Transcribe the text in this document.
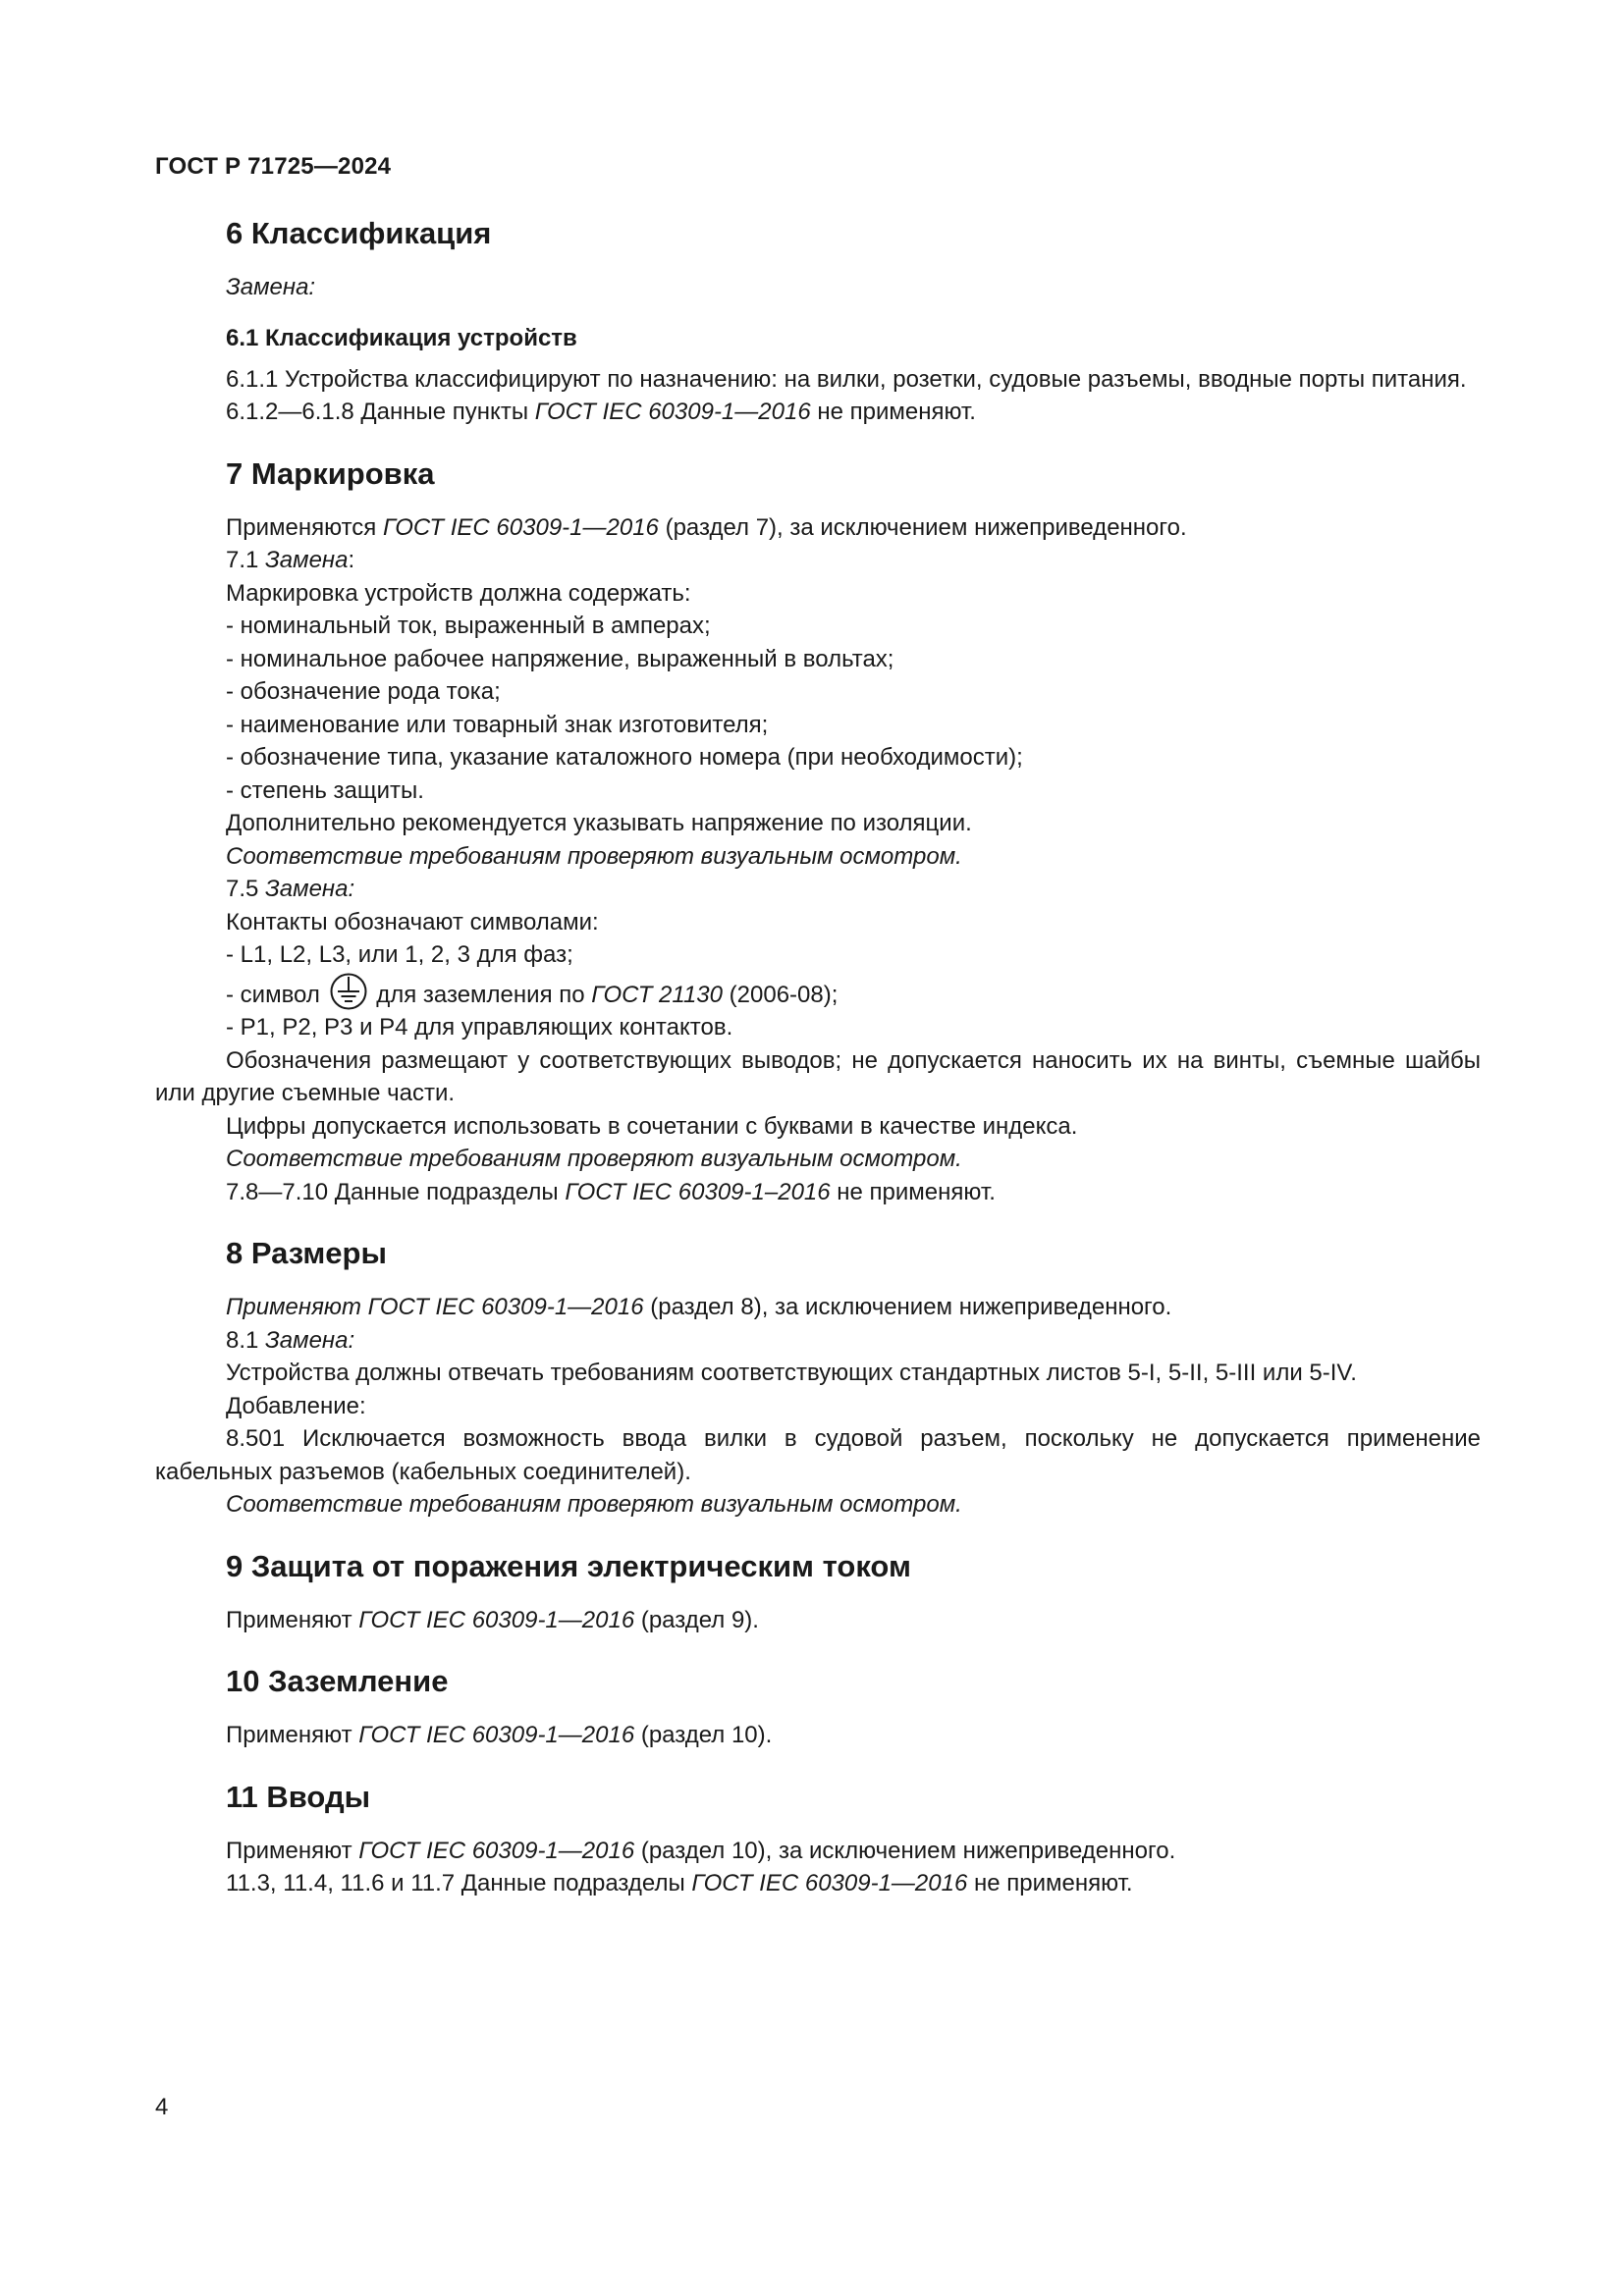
ГОСТ Р 71725—2024
6 Классификация

Замена:

6.1 Классификация устройств

6.1.1 Устройства классифицируют по назначению: на вилки, розетки, судовые разъемы, вводные порты питания.

6.1.2—6.1.8 Данные пункты ГОСТ IEC 60309-1—2016 не применяют.

7 Маркировка

Применяются ГОСТ IEC 60309-1—2016 (раздел 7), за исключением нижеприведенного.

7.1 Замена:

Маркировка устройств должна содержать:

- номинальный ток, выраженный в амперах;

- номинальное рабочее напряжение, выраженный в вольтах;

- обозначение рода тока;

- наименование или товарный знак изготовителя;

- обозначение типа, указание каталожного номера (при необходимости);

- степень защиты.

Дополнительно рекомендуется указывать напряжение по изоляции.

Соответствие требованиям проверяют визуальным осмотром.

7.5 Замена:

Контакты обозначают символами:

- L1, L2, L3, или 1, 2, 3 для фаз;

- символ  для заземления по ГОСТ 21130 (2006-08);

- P1, P2, P3 и P4 для управляющих контактов.

Обозначения размещают у соответствующих выводов; не допускается наносить их на винты, съемные шайбы или другие съемные части.

Цифры допускается использовать в сочетании с буквами в качестве индекса.

Соответствие требованиям проверяют визуальным осмотром.

7.8—7.10 Данные подразделы ГОСТ IEC 60309-1–2016 не применяют.

8 Размеры

Применяют ГОСТ IEC 60309-1—2016 (раздел 8), за исключением нижеприведенного.

8.1 Замена:

Устройства должны отвечать требованиям соответствующих стандартных листов 5-I, 5-II, 5-III или 5-IV.

Добавление:

8.501 Исключается возможность ввода вилки в судовой разъем, поскольку не допускается применение кабельных разъемов (кабельных соединителей).

Соответствие требованиям проверяют визуальным осмотром.

9 Защита от поражения электрическим током

Применяют ГОСТ IEC 60309-1—2016 (раздел 9).

10 Заземление

Применяют ГОСТ IEC 60309-1—2016 (раздел 10).

11 Вводы

Применяют ГОСТ IEC 60309-1—2016 (раздел 10), за исключением нижеприведенного.

11.3, 11.4, 11.6 и 11.7 Данные подразделы ГОСТ IEC 60309-1—2016 не применяют.

4
